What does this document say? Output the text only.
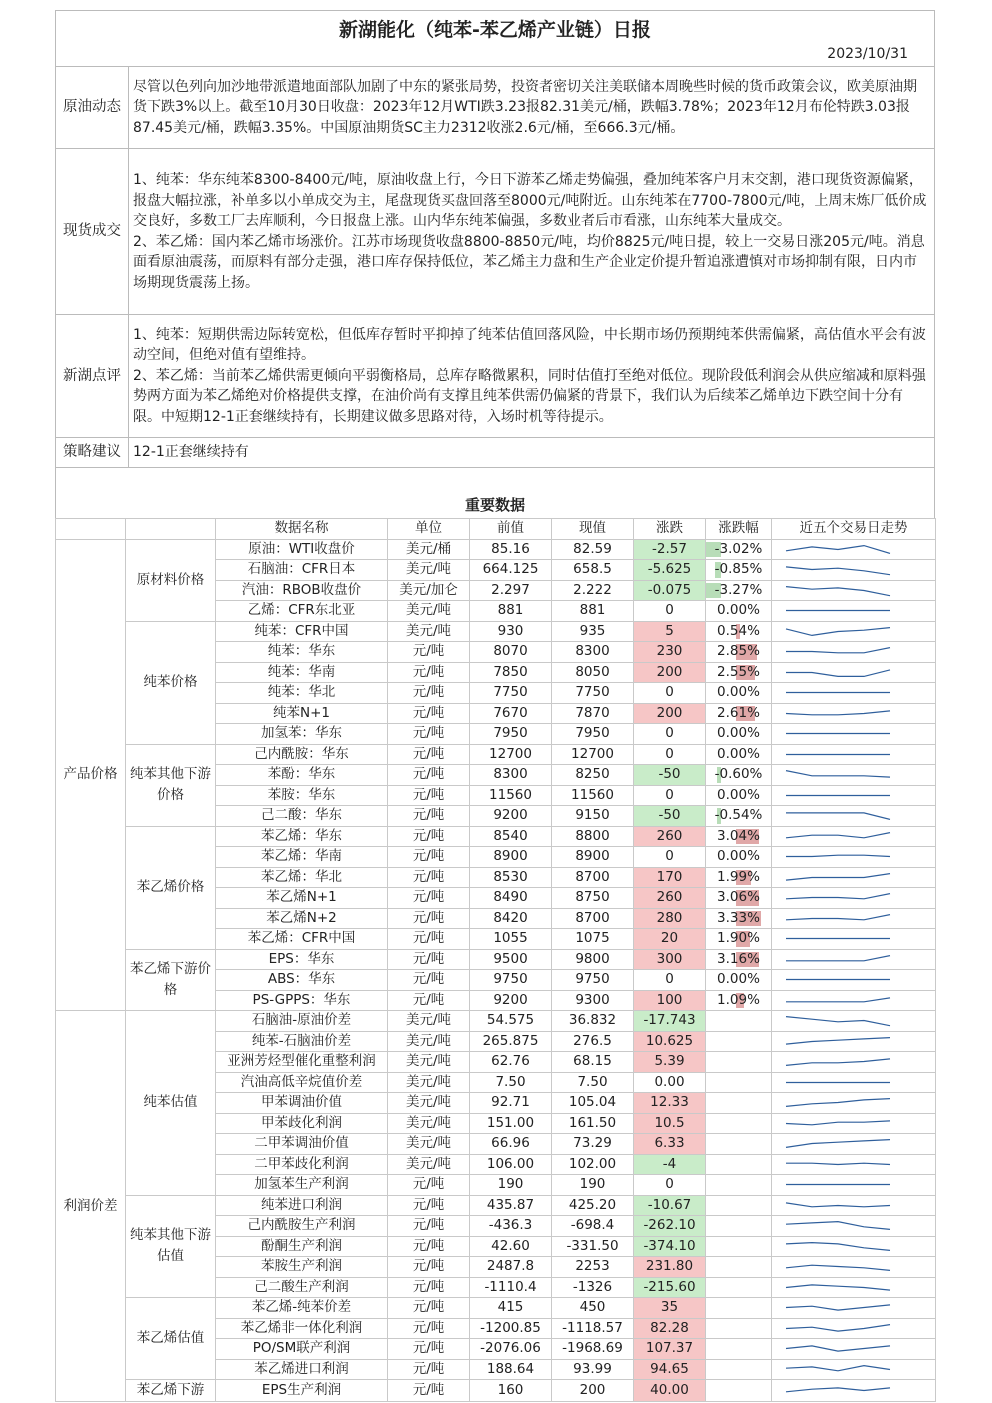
新湖能化（纯苯-苯乙烯产业链）日报
2023/10/31
原油动态	尽管以色列向加沙地带派遣地面部队加剧了中东的紧张局势，投资者密切关注美联储本周晚些时候的货币政策会议，欧美原油期货下跌3%以上。截至10月30日收盘：2023年12月WTI跌3.23报82.31美元/桶，跌幅3.78%；2023年12月布伦特跌3.03报87.45美元/桶，跌幅3.35%。中国原油期货SC主力2312收涨2.6元/桶，至666.3元/桶。
现货成交	1、纯苯：华东纯苯8300-8400元/吨，原油收盘上行，今日下游苯乙烯走势偏强，叠加纯苯客户月末交割，港口现货资源偏紧，报盘大幅拉涨，补单多以小单成交为主，尾盘现货买盘回落至8000元/吨附近。山东纯苯在7700-7800元/吨，上周末炼厂低价成交良好，多数工厂去库顺利，今日报盘上涨。山内华东纯苯偏强，多数业者后市看涨，山东纯苯大量成交。

2、苯乙烯：国内苯乙烯市场涨价。江苏市场现货收盘8800-8850元/吨，均价8825元/吨日提，较上一交易日涨205元/吨。消息面看原油震荡，而原料有部分走强，港口库存保持低位，苯乙烯主力盘和生产企业定价提升暂追涨遭慎对市场抑制有限，日内市场期现货震荡上扬。

新湖点评	1、纯苯：短期供需边际转宽松，但低库存暂时平抑掉了纯苯估值回落风险，中长期市场仍预期纯苯供需偏紧，高估值水平会有波动空间，但绝对值有望维持。

2、苯乙烯：当前苯乙烯供需更倾向平弱衡格局，总库存略微累积，同时估值打至绝对低位。现阶段低利润会从供应缩减和原料强势两方面为苯乙烯绝对价格提供支撑，在油价尚有支撑且纯苯供需仍偏紧的背景下，我们认为后续苯乙烯单边下跌空间十分有限。中短期12-1正套继续持有，长期建议做多思路对待，入场时机等待提示。

策略建议	12-1正套继续持有
重要数据
		数据名称	单位	前值	现值	涨跌	涨跌幅	近五个交易日走势
产品价格	原材料价格	原油：WTI收盘价	美元/桶	85.16	82.59	-2.57	-3.02%	

		石脑油：CFR日本	美元/吨	664.125	658.5	-5.625	-0.85%	

		汽油：RBOB收盘价	美元/加仑	2.297	2.222	-0.075	-3.27%	

		乙烯：CFR东北亚	美元/吨	881	881	0	0.00%	

	纯苯价格	纯苯：CFR中国	美元/吨	930	935	5	0.54%	

		纯苯：华东	元/吨	8070	8300	230	2.85%	

		纯苯：华南	元/吨	7850	8050	200	2.55%	

		纯苯：华北	元/吨	7750	7750	0	0.00%	

		纯苯N+1	元/吨	7670	7870	200	2.61%	

		加氢苯：华东	元/吨	7950	7950	0	0.00%	

	纯苯其他下游价格	己内酰胺：华东	元/吨	12700	12700	0	0.00%	

		苯酚：华东	元/吨	8300	8250	-50	-0.60%	

		苯胺：华东	元/吨	11560	11560	0	0.00%	

		己二酸：华东	元/吨	9200	9150	-50	-0.54%	

	苯乙烯价格	苯乙烯：华东	元/吨	8540	8800	260	3.04%	

		苯乙烯：华南	元/吨	8900	8900	0	0.00%	

		苯乙烯：华北	元/吨	8530	8700	170	1.99%	

		苯乙烯N+1	元/吨	8490	8750	260	3.06%	

		苯乙烯N+2	元/吨	8420	8700	280	3.33%	

		苯乙烯：CFR中国	元/吨	1055	1075	20	1.90%	

	苯乙烯下游价格	EPS：华东	元/吨	9500	9800	300	3.16%	

		ABS：华东	元/吨	9750	9750	0	0.00%	

		PS-GPPS：华东	元/吨	9200	9300	100	1.09%	

利润价差	纯苯估值	石脑油-原油价差	美元/吨	54.575	36.832	-17.743		

		纯苯-石脑油价差	美元/吨	265.875	276.5	10.625		

		亚洲芳烃型催化重整利润	美元/吨	62.76	68.15	5.39		

		汽油高低辛烷值价差	美元/吨	7.50	7.50	0.00		

		甲苯调油价值	美元/吨	92.71	105.04	12.33		

		甲苯歧化利润	美元/吨	151.00	161.50	10.5		

		二甲苯调油价值	美元/吨	66.96	73.29	6.33		

		二甲苯歧化利润	美元/吨	106.00	102.00	-4		

		加氢苯生产利润	元/吨	190	190	0		

	纯苯其他下游估值	纯苯进口利润	元/吨	435.87	425.20	-10.67		

		己内酰胺生产利润	元/吨	-436.3	-698.4	-262.10		

		酚酮生产利润	元/吨	42.60	-331.50	-374.10		

		苯胺生产利润	元/吨	2487.8	2253	231.80		

		己二酸生产利润	元/吨	-1110.4	-1326	-215.60		

	苯乙烯估值	苯乙烯-纯苯价差	元/吨	415	450	35		

		苯乙烯非一体化利润	元/吨	-1200.85	-1118.57	82.28		

		PO/SM联产利润	元/吨	-2076.06	-1968.69	107.37		

		苯乙烯进口利润	元/吨	188.64	93.99	94.65		

	苯乙烯下游	EPS生产利润	元/吨	160	200	40.00		
